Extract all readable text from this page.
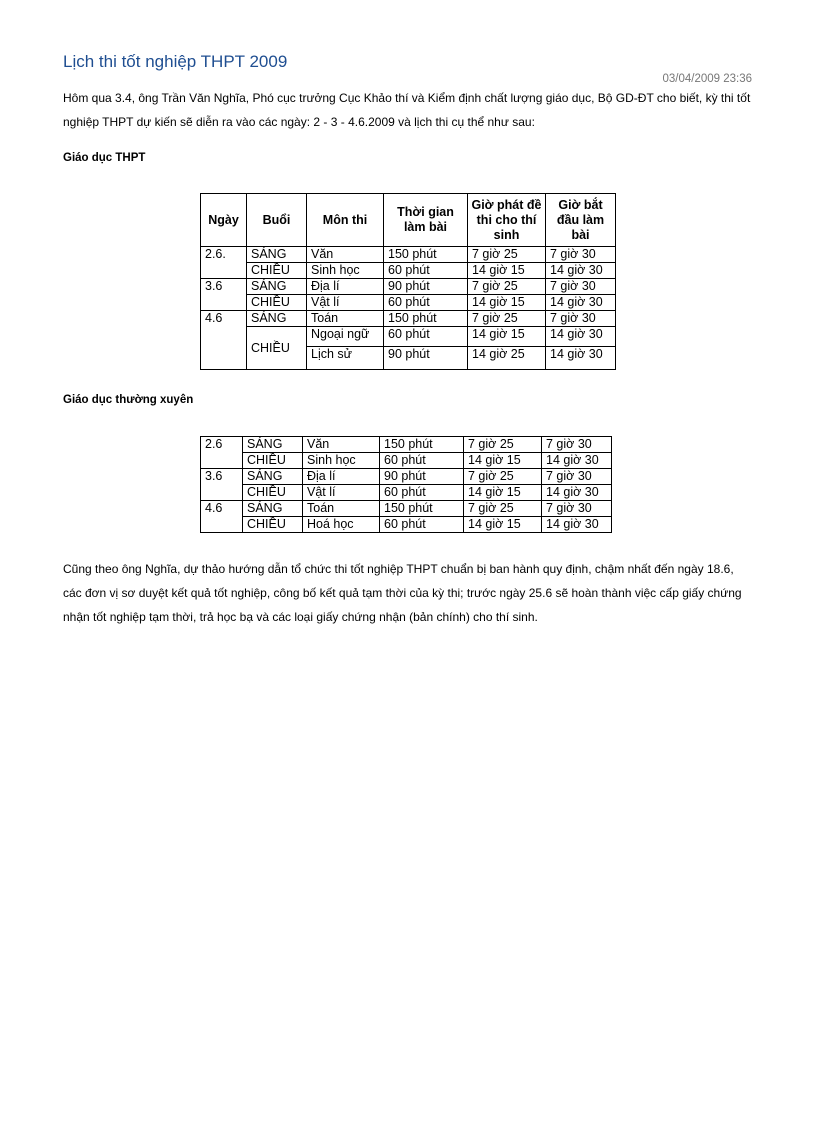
Lịch thi tốt nghiệp THPT 2009
03/04/2009 23:36
Hôm qua 3.4, ông Trần Văn Nghĩa, Phó cục trưởng Cục Khảo thí và Kiểm định chất lượng giáo dục, Bộ GD-ĐT cho biết, kỳ thi tốt nghiệp THPT dự kiến sẽ diễn ra vào các ngày: 2 - 3 - 4.6.2009 và lịch thi cụ thể như sau:
Giáo dục THPT
Ngày	Buổi	Môn thi	Thời gian làm bài	Giờ phát đề thi cho thí sinh	Giờ bắt đầu làm bài
2.6.	SÁNG	Văn	150 phút	7 giờ 25	7 giờ 30
	CHIỀU	Sinh học	60 phút	14 giờ 15	14 giờ 30
3.6	SÁNG	Địa lí	90 phút	7 giờ 25	7 giờ 30
	CHIỀU	Vật lí	60 phút	14 giờ 15	14 giờ 30
4.6	SÁNG	Toán	150 phút	7 giờ 25	7 giờ 30
	CHIỀU	Ngoại ngữ	60 phút	14 giờ 15	14 giờ 30
		Lịch sử	90 phút	14 giờ 25	14 giờ 30
Giáo dục thường xuyên
2.6	SÁNG	Văn	150 phút	7 giờ 25	7 giờ 30
	CHIỀU	Sinh học	60 phút	14 giờ 15	14 giờ 30
3.6	SÁNG	Địa lí	90 phút	7 giờ 25	7 giờ 30
	CHIỀU	Vật lí	60 phút	14 giờ 15	14 giờ 30
4.6	SÁNG	Toán	150 phút	7 giờ 25	7 giờ 30
	CHIỀU	Hoá học	60 phút	14 giờ 15	14 giờ 30
Cũng theo ông Nghĩa, dự thảo hướng dẫn tổ chức thi tốt nghiệp THPT chuẩn bị ban hành quy định, chậm nhất đến ngày 18.6, các đơn vị sơ duyệt kết quả tốt nghiệp, công bố kết quả tạm thời của kỳ thi; trước ngày 25.6 sẽ hoàn thành việc cấp giấy chứng nhận tốt nghiệp tạm thời, trả học bạ và các loại giấy chứng nhận (bản chính) cho thí sinh.
